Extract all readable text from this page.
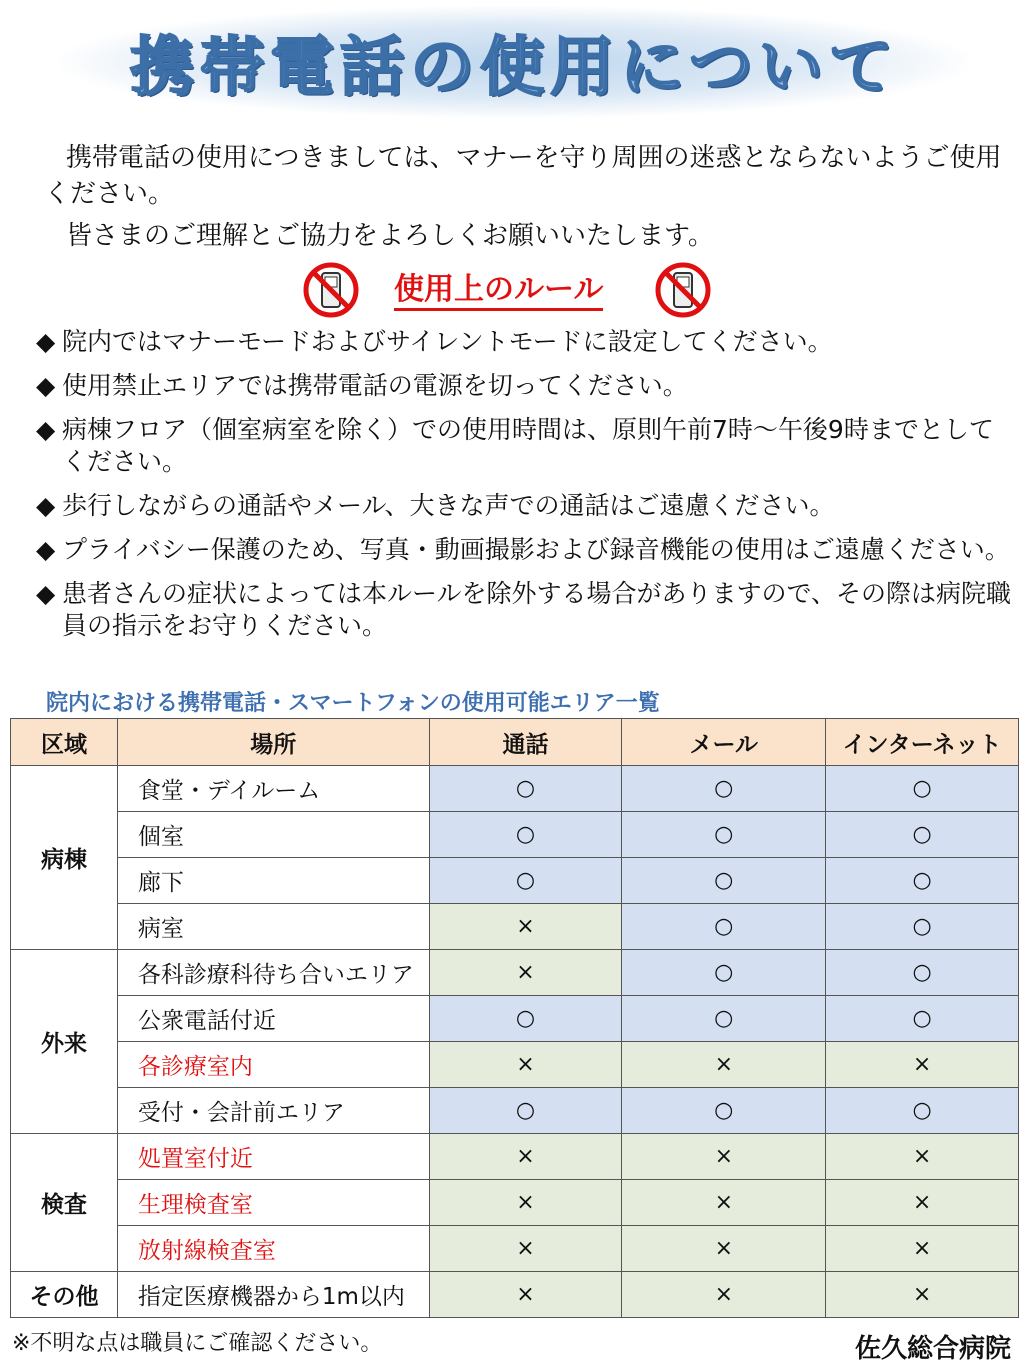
携帯電話の使用について
携帯電話の使用につきましては、マナーを守り周囲の迷惑とならないようご使用ください。
皆さまのご理解とご協力をよろしくお願いいたします。
使用上のルール
◆ 院内ではマナーモードおよびサイレントモードに設定してください。
◆ 使用禁止エリアでは携帯電話の電源を切ってください。
◆ 病棟フロア（個室病室を除く）での使用時間は、原則午前7時～午後9時までとしてください。
◆ 歩行しながらの通話やメール、大きな声での通話はご遠慮ください。
◆ プライバシー保護のため、写真・動画撮影および録音機能の使用はご遠慮ください。
◆ 患者さんの症状によっては本ルールを除外する場合がありますので、その際は病院職員の指示をお守りください。
院内における携帯電話・スマートフォンの使用可能エリア一覧
区域	場所	通話	メール	インターネット
病棟	食堂・デイルーム	○	○	○
	個室	○	○	○
	廊下	○	○	○
	病室	×	○	○
外来	各科診療科待ち合いエリア	×	○	○
	公衆電話付近	○	○	○
	各診療室内	×	×	×
	受付・会計前エリア	○	○	○
検査	処置室付近	×	×	×
	生理検査室	×	×	×
	放射線検査室	×	×	×
その他	指定医療機器から1m以内	×	×	×
※不明な点は職員にご確認ください。	佐久総合病院
